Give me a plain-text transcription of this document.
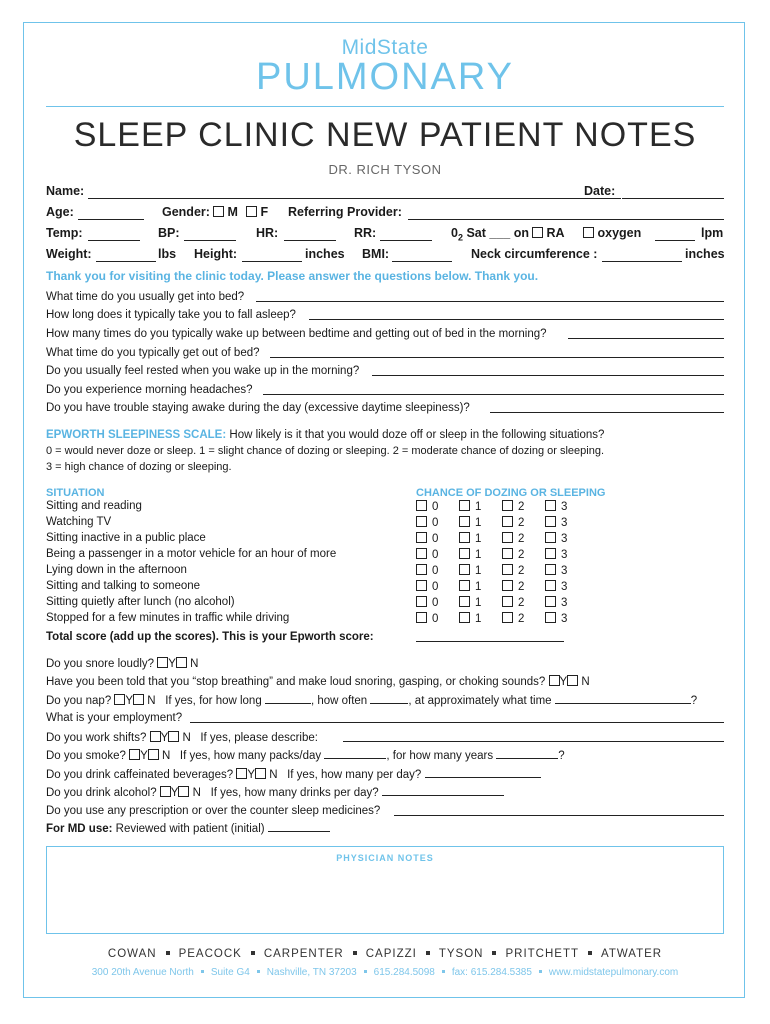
MidState
PULMONARY
SLEEP CLINIC NEW PATIENT NOTES
DR. RICH TYSON
Name:	Date:
Age:	Gender:	M	F Referring Provider:
Temp:	BP:	HR:	RR:	$0_2$ Sat ___ on	RA	oxygen	lpm
Weight:	lbs Height:	inches BMI:	Neck circumference :	inches
Thank you for visiting the clinic today. Please answer the questions below. Thank you.
What time do you usually get into bed?
How long does it typically take you to fall asleep?
How many times do you typically wake up between bedtime and getting out of bed in the morning?
What time do you typically get out of bed?
Do you usually feel rested when you wake up in the morning?
Do you experience morning headaches?
Do you have trouble staying awake during the day (excessive daytime sleepiness)?
EPWORTH SLEEPINESS SCALE: How likely is it that you would doze off or sleep in the following situations?
0 = would never doze or sleep. 1 = slight chance of dozing or sleeping. 2 = moderate chance of dozing or sleeping.
3 = high chance of dozing or sleeping.
SITUATION	CHANCE OF DOZING OR SLEEPING
Sitting and reading	0	1	2	3
Watching TV	0	1	2	3
Sitting inactive in a public place	0	1	2	3
Being a passenger in a motor vehicle for an hour of more	0	1	2	3
Lying down in the afternoon	0	1	2	3
Sitting and talking to someone	0	1	2	3
Sitting quietly after lunch (no alcohol)	0	1	2	3
Stopped for a few minutes in traffic while driving	0	1	2	3
Total score (add up the scores). This is your Epworth score:
Do you snore loudly? Y N
Have you been told that you “stop breathing” and make loud snoring, gasping, or choking sounds? Y N
Do you nap? Y N If yes, for how long	, how often	, at approximately what time	?
What is your employment?
Do you work shifts? Y N If yes, please describe:
Do you smoke? Y N If yes, how many packs/day	, for how many years	?
Do you drink caffeinated beverages? Y N If yes, how many per day?
Do you drink alcohol? Y N If yes, how many drinks per day?
Do you use any prescription or over the counter sleep medicines?
For MD use: Reviewed with patient (initial)
PHYSICIAN NOTES
COWAN PEACOCK CARPENTER CAPIZZI TYSON PRITCHETT ATWATER
300 20th Avenue North Suite G4 Nashville, TN 37203 615.284.5098 fax: 615.284.5385 www.midstatepulmonary.com
